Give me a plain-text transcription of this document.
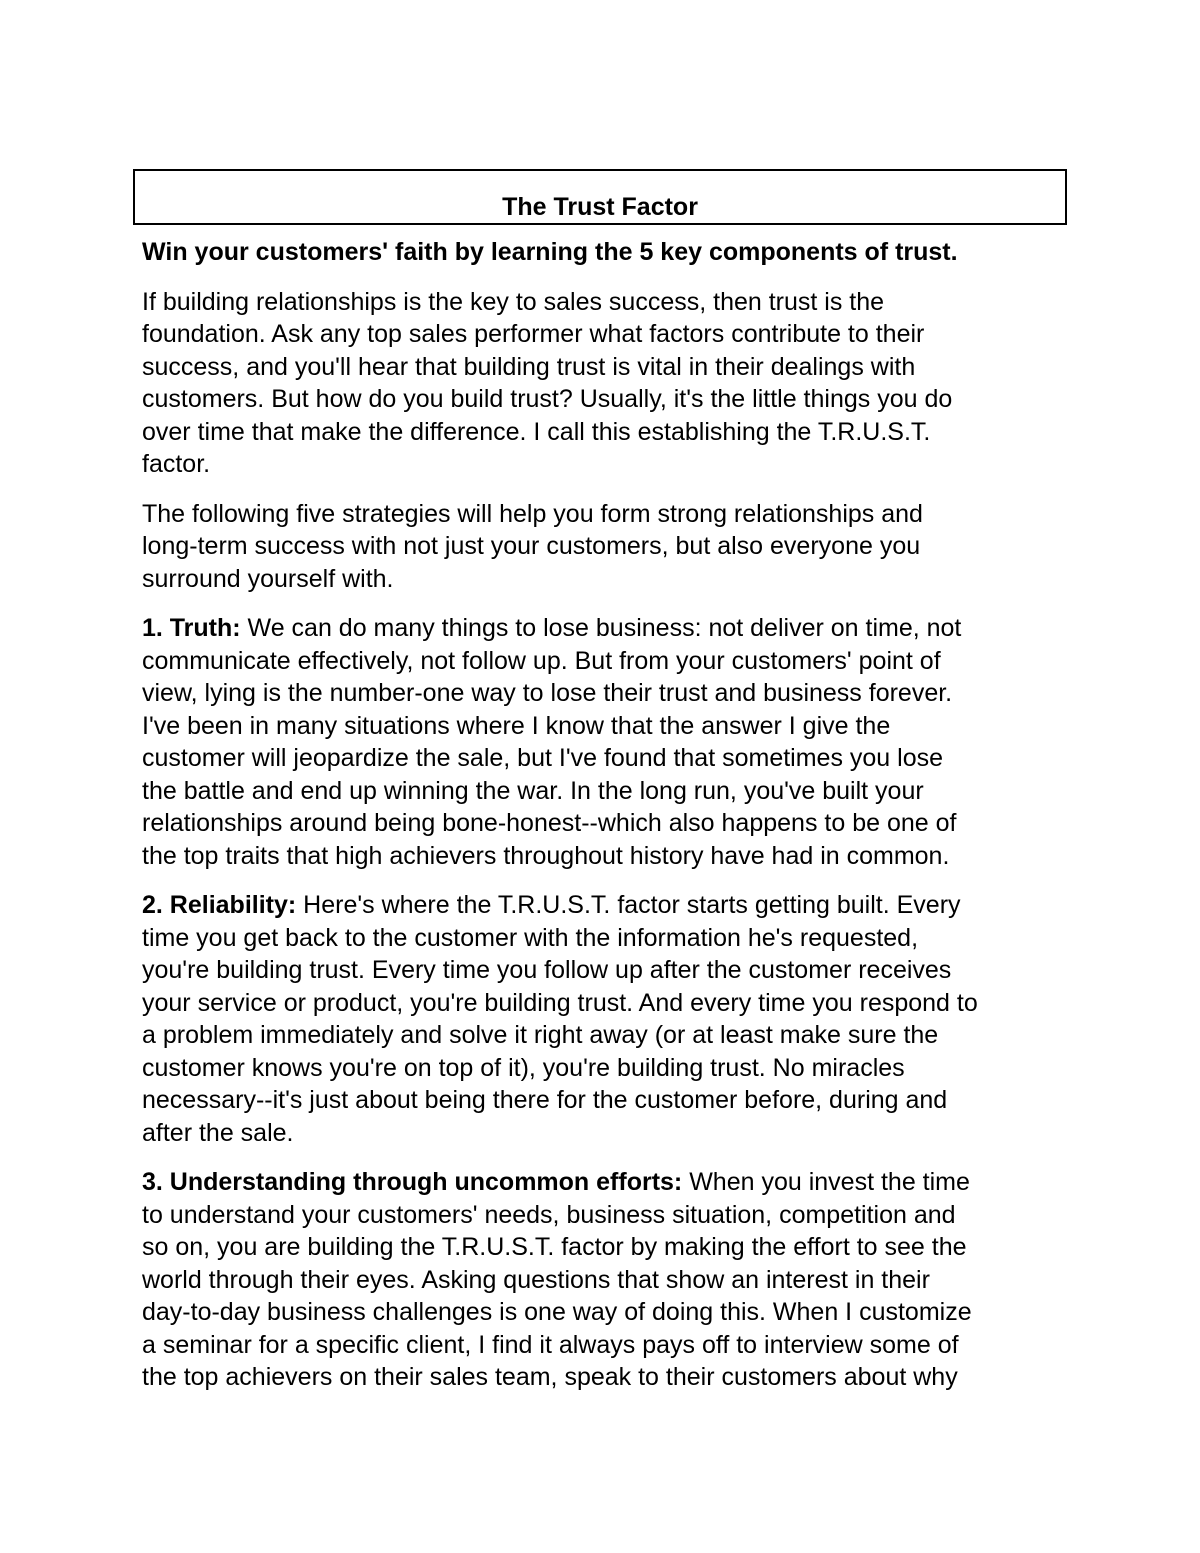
The Trust Factor
Win your customers' faith by learning the 5 key components of trust.
If building relationships is the key to sales success, then trust is the
foundation. Ask any top sales performer what factors contribute to their
success, and you'll hear that building trust is vital in their dealings with
customers. But how do you build trust? Usually, it's the little things you do
over time that make the difference. I call this establishing the T.R.U.S.T.
factor.
The following five strategies will help you form strong relationships and
long-term success with not just your customers, but also everyone you
surround yourself with.
1. Truth: We can do many things to lose business: not deliver on time, not
communicate effectively, not follow up. But from your customers' point of
view, lying is the number-one way to lose their trust and business forever.
I've been in many situations where I know that the answer I give the
customer will jeopardize the sale, but I've found that sometimes you lose
the battle and end up winning the war. In the long run, you've built your
relationships around being bone-honest--which also happens to be one of
the top traits that high achievers throughout history have had in common.
2. Reliability: Here's where the T.R.U.S.T. factor starts getting built. Every
time you get back to the customer with the information he's requested,
you're building trust. Every time you follow up after the customer receives
your service or product, you're building trust. And every time you respond to
a problem immediately and solve it right away (or at least make sure the
customer knows you're on top of it), you're building trust. No miracles
necessary--it's just about being there for the customer before, during and
after the sale.
3. Understanding through uncommon efforts: When you invest the time
to understand your customers' needs, business situation, competition and
so on, you are building the T.R.U.S.T. factor by making the effort to see the
world through their eyes. Asking questions that show an interest in their
day-to-day business challenges is one way of doing this. When I customize
a seminar for a specific client, I find it always pays off to interview some of
the top achievers on their sales team, speak to their customers about why
